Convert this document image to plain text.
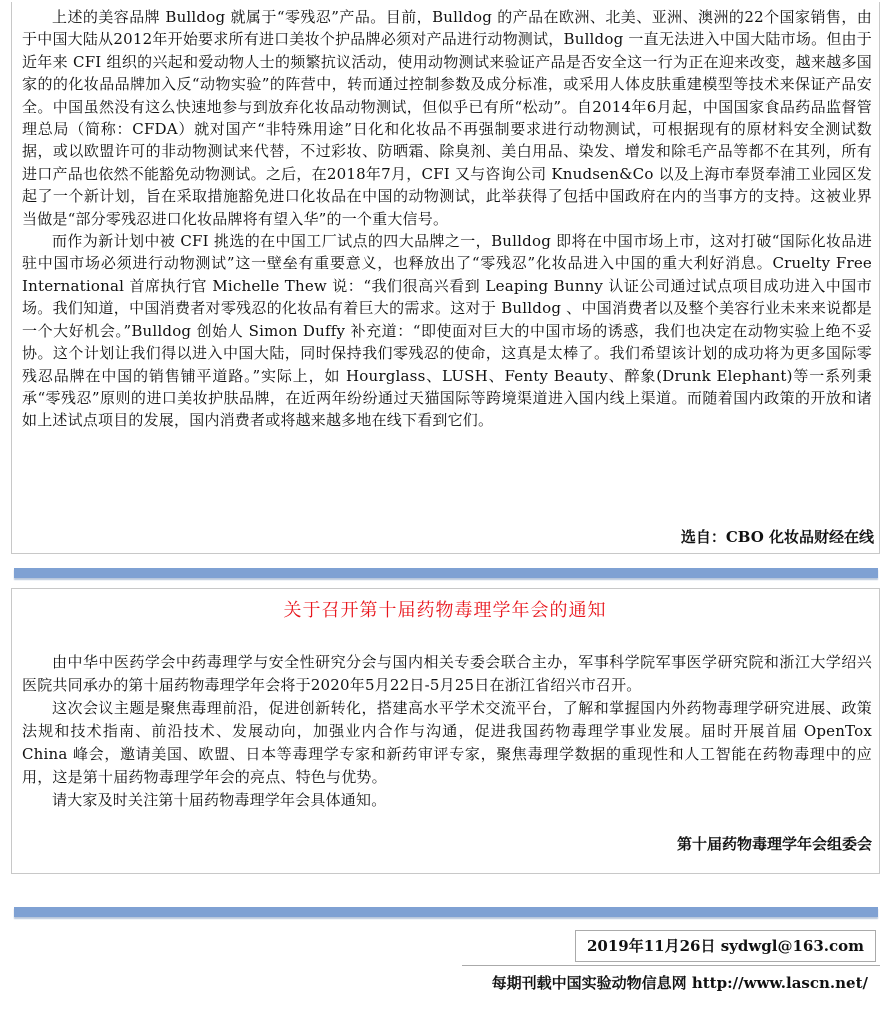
上述的美容品牌 Bulldog 就属于“零残忍”产品。目前，Bulldog 的产品在欧洲、北美、亚洲、澳洲的22个国家销售，由于中国大陆从2012年开始要求所有进口美妆个护品牌必须对产品进行动物测试，Bulldog 一直无法进入中国大陆市场。但由于近年来 CFI 组织的兴起和爱动物人士的频繁抗议活动，使用动物测试来验证产品是否安全这一行为正在迎来改变，越来越多国家的的化妆品品牌加入反“动物实验”的阵营中，转而通过控制参数及成分标准，或采用人体皮肤重建模型等技术来保证产品安全。中国虽然没有这么快速地参与到放弃化妆品动物测试，但似乎已有所“松动”。自2014年6月起，中国国家食品药品监督管理总局（简称：CFDA）就对国产“非特殊用途”日化和化妆品不再强制要求进行动物测试，可根据现有的原材料安全测试数据，或以欧盟许可的非动物测试来代替，不过彩妆、防晒霜、除臭剂、美白用品、染发、增发和除毛产品等都不在其列，所有进口产品也依然不能豁免动物测试。之后，在2018年7月，CFI 又与咨询公司 Knudsen&Co 以及上海市奉贤奉浦工业园区发起了一个新计划，旨在采取措施豁免进口化妆品在中国的动物测试，此举获得了包括中国政府在内的当事方的支持。这被业界当做是“部分零残忍进口化妆品牌将有望入华”的一个重大信号。

而作为新计划中被 CFI 挑选的在中国工厂试点的四大品牌之一，Bulldog 即将在中国市场上市，这对打破“国际化妆品进驻中国市场必须进行动物测试”这一壁垒有重要意义，也释放出了“零残忍”化妆品进入中国的重大利好消息。Cruelty Free International 首席执行官 Michelle Thew 说：“我们很高兴看到 Leaping Bunny 认证公司通过试点项目成功进入中国市场。我们知道，中国消费者对零残忍的化妆品有着巨大的需求。这对于 Bulldog 、中国消费者以及整个美容行业未来来说都是一个大好机会。”Bulldog 创始人 Simon Duffy 补充道：“即使面对巨大的中国市场的诱惑，我们也决定在动物实验上绝不妥协。这个计划让我们得以进入中国大陆，同时保持我们零残忍的使命，这真是太棒了。我们希望该计划的成功将为更多国际零残忍品牌在中国的销售铺平道路。”实际上，如 Hourglass、LUSH、Fenty Beauty、醉象(Drunk Elephant)等一系列秉承“零残忍”原则的进口美妆护肤品牌，在近两年纷纷通过天猫国际等跨境渠道进入国内线上渠道。而随着国内政策的开放和诸如上述试点项目的发展，国内消费者或将越来越多地在线下看到它们。

选自：CBO 化妆品财经在线
关于召开第十届药物毒理学年会的通知

由中华中医药学会中药毒理学与安全性研究分会与国内相关专委会联合主办，军事科学院军事医学研究院和浙江大学绍兴医院共同承办的第十届药物毒理学年会将于2020年5月22日-5月25日在浙江省绍兴市召开。

这次会议主题是聚焦毒理前沿，促进创新转化，搭建高水平学术交流平台，了解和掌握国内外药物毒理学研究进展、政策法规和技术指南、前沿技术、发展动向，加强业内合作与沟通，促进我国药物毒理学事业发展。届时开展首届 OpenTox China 峰会，邀请美国、欧盟、日本等毒理学专家和新药审评专家，聚焦毒理学数据的重现性和人工智能在药物毒理中的应用，这是第十届药物毒理学年会的亮点、特色与优势。

请大家及时关注第十届药物毒理学年会具体通知。

第十届药物毒理学年会组委会
2019年11月26日 sydwgl@163.com
每期刊载中国实验动物信息网 http://www.lascn.net/
